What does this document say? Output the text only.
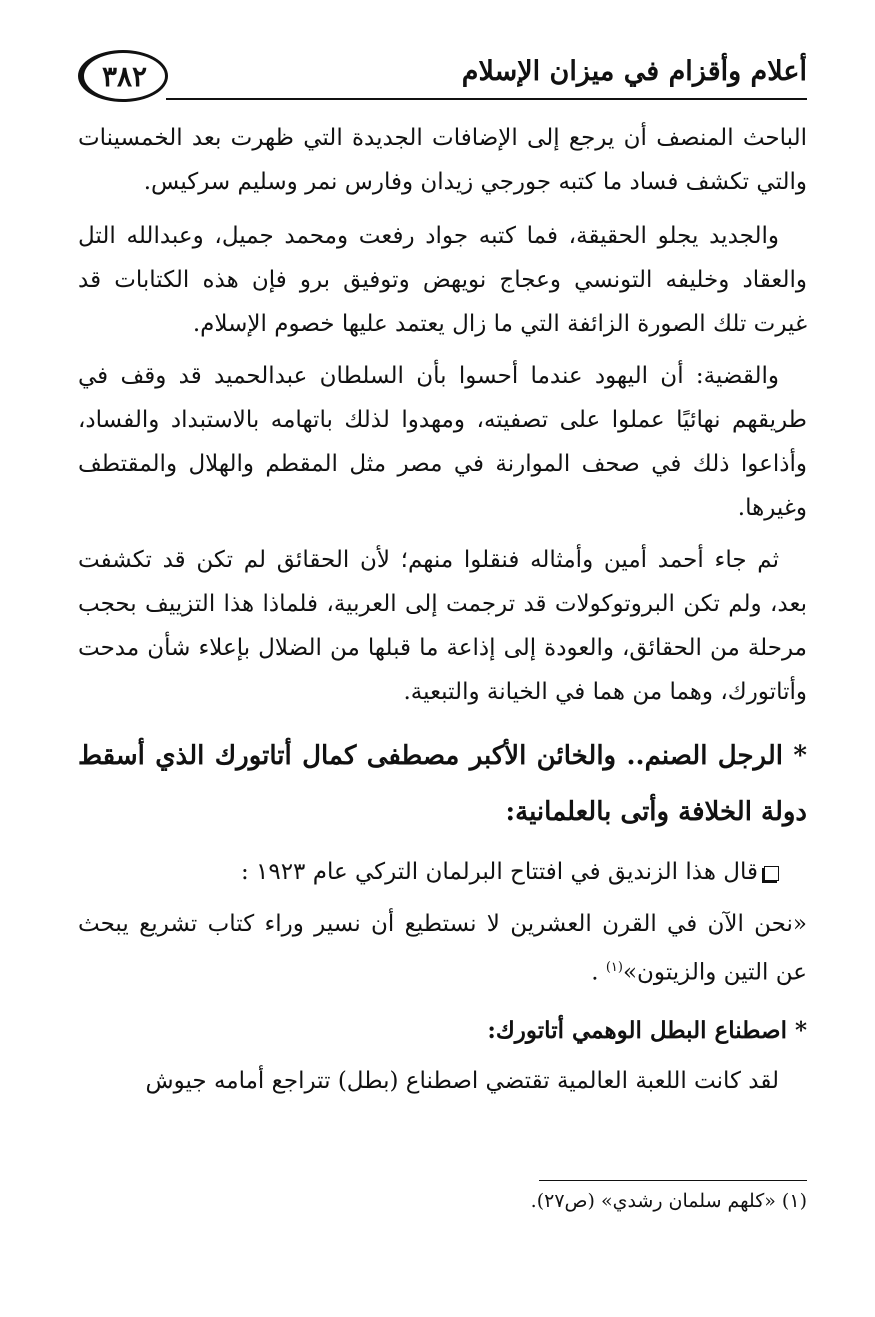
أعلام وأقزام في ميزان الإسلام
٣٨٢

الباحث المنصف أن يرجع إلى الإضافات الجديدة التي ظهرت بعد الخمسينات والتي تكشف فساد ما كتبه جورجي زيدان وفارس نمر وسليم سركيس.

والجديد يجلو الحقيقة، فما كتبه جواد رفعت ومحمد جميل، وعبدالله التل والعقاد وخليفه التونسي وعجاج نويهض وتوفيق برو فإن هذه الكتابات قد غيرت تلك الصورة الزائفة التي ما زال يعتمد عليها خصوم الإسلام.

والقضية: أن اليهود عندما أحسوا بأن السلطان عبدالحميد قد وقف في طريقهم نهائيًا عملوا على تصفيته، ومهدوا لذلك باتهامه بالاستبداد والفساد، وأذاعوا ذلك في صحف الموارنة في مصر مثل المقطم والهلال والمقتطف وغيرها.

ثم جاء أحمد أمين وأمثاله فنقلوا منهم؛ لأن الحقائق لم تكن قد تكشفت بعد، ولم تكن البروتوكولات قد ترجمت إلى العربية، فلماذا هذا التزييف بحجب مرحلة من الحقائق، والعودة إلى إذاعة ما قبلها من الضلال بإعلاء شأن مدحت وأتاتورك، وهما من هما في الخيانة والتبعية.

* الرجل الصنم.. والخائن الأكبر مصطفى كمال أتاتورك الذي أسقط دولة الخلافة وأتى بالعلمانية:

قال هذا الزنديق في افتتاح البرلمان التركي عام ١٩٢٣ :

«نحن الآن في القرن العشرين لا نستطيع أن نسير وراء كتاب تشريع يبحث عن التين والزيتون»$^{(١)}$ .

* اصطناع البطل الوهمي أتاتورك:

لقد كانت اللعبة العالمية تقتضي اصطناع (بطل) تتراجع أمامه جيوش

(١) «كلهم سلمان رشدي» (ص٢٧).
